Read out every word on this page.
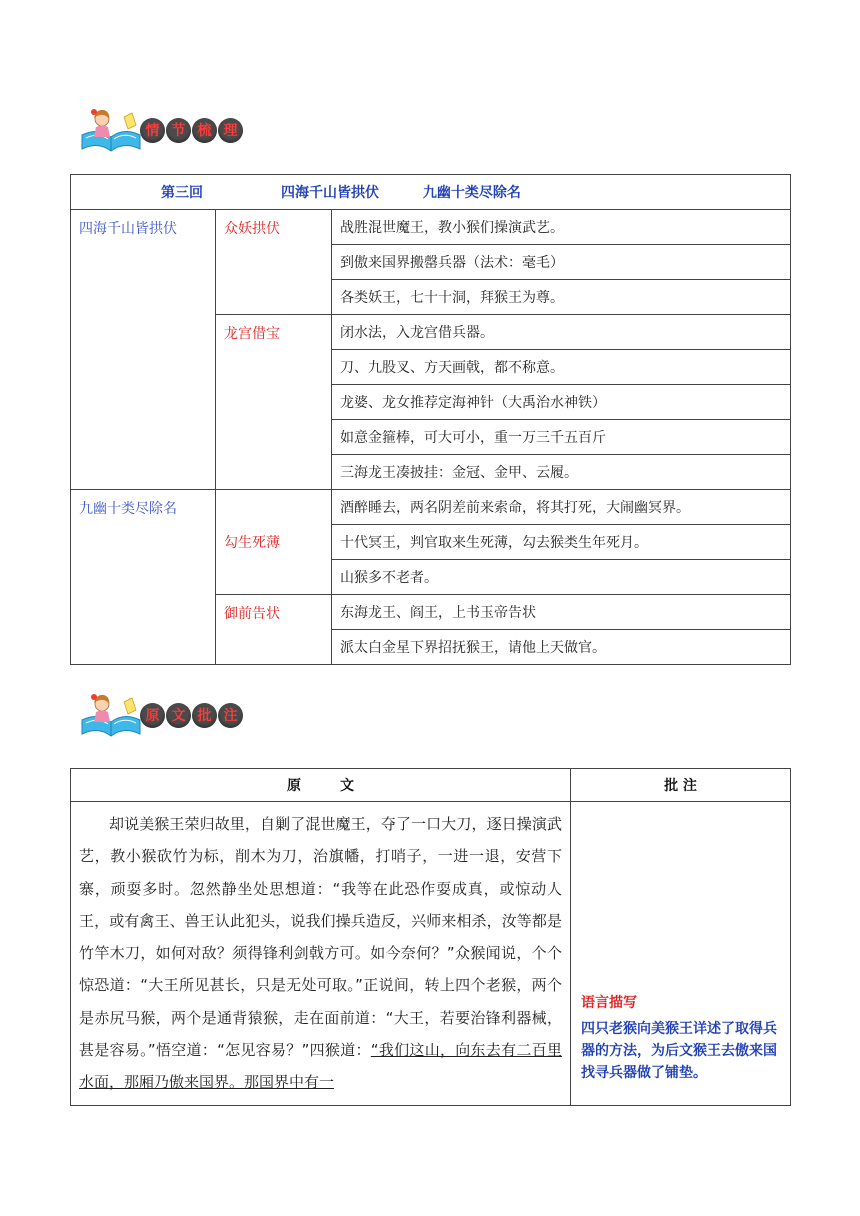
情 节 梳 理
第三回                四海千山皆拱伏         九幽十类尽除名		
四海千山皆拱伏	众妖拱伏	战胜混世魔王，教小猴们操演武艺。
		到傲来国界搬罄兵器（法术：毫毛）
		各类妖王，七十十洞，拜猴王为尊。
	龙宫借宝	闭水法，入龙宫借兵器。
		刀、九股叉、方天画戟，都不称意。
		龙婆、龙女推荐定海神针（大禹治水神铁）
		如意金箍棒，可大可小，重一万三千五百斤
		三海龙王凑披挂：金冠、金甲、云履。
九幽十类尽除名	勾生死薄	酒醉睡去，两名阴差前来索命，将其打死，大闹幽冥界。
		十代冥王，判官取来生死薄，勾去猴类生年死月。
		山猴多不老者。
	御前告状	东海龙王、阎王，上书玉帝告状
		派太白金星下界招抚猴王，请他上天做官。
原 文 批 注
原        文	批 注
却说美猴王荣归故里，自剿了混世魔王，夺了一口大刀，逐日操演武艺，教小猴砍竹为标，削木为刀，治旗幡，打哨子，一进一退，安营下寨，顽耍多时。忽然静坐处思想道：“我等在此恐作耍成真，或惊动人王，或有禽王、兽王认此犯头，说我们操兵造反，兴师来相杀，汝等都是竹竿木刀，如何对敌？须得锋利剑戟方可。如今奈何？”众猴闻说，个个惊恐道：“大王所见甚长，只是无处可取。”正说间，转上四个老猴，两个是赤尻马猴，两个是通背猿猴，走在面前道：“大王，若要治锋利器械，甚是容易。”悟空道：“怎见容易？”四猴道：“我们这山，向东去有二百里水面，那厢乃傲来国界。那国界中有一	语言描写
四只老猴向美猴王详述了取得兵器的方法，为后文猴王去傲来国找寻兵器做了铺垫。
